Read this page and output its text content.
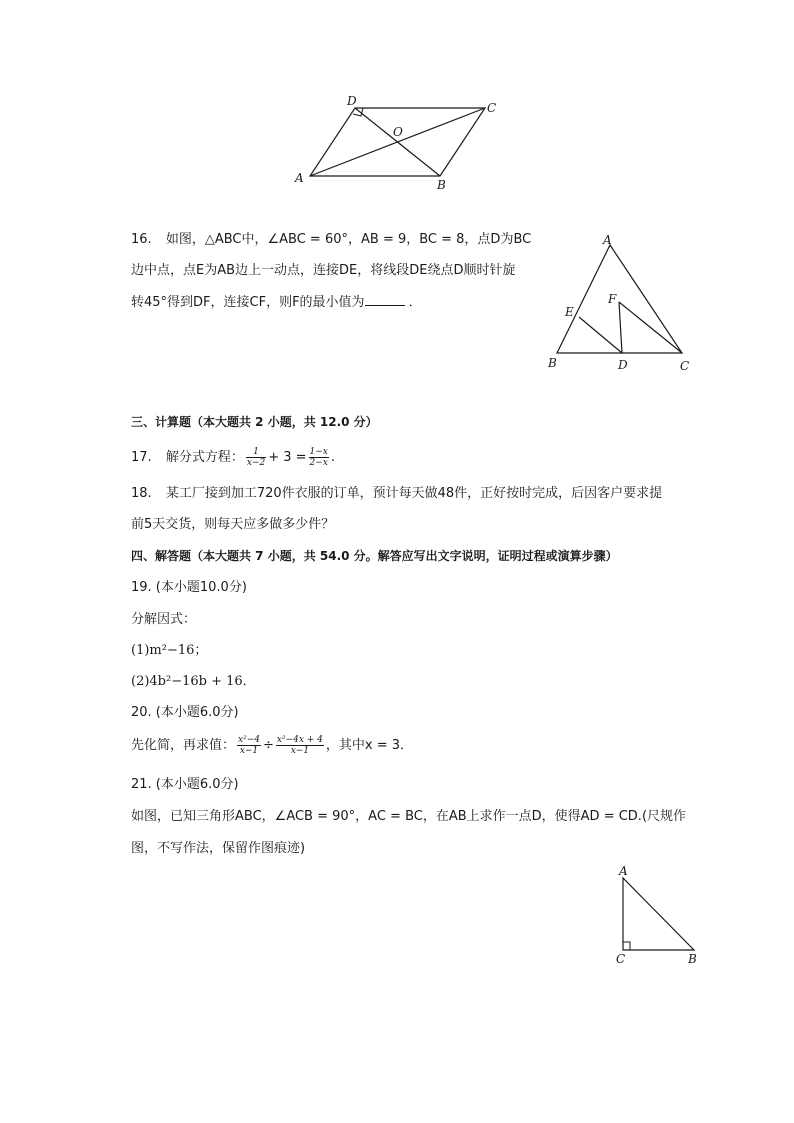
A	B
C
D
O
16. 如图，△ABC中，∠ABC = 60°，AB = 9，BC = 8，点D为BC
边中点，点E为AB边上一动点，连接DE，将线段DE绕点D顺时针旋
转45°得到DF，连接CF，则F的最小值为	．
A
B	C
D
E
F
三、计算题（本大题共 2 小题，共 12.0 分）
17. 解分式方程： $\frac{1}{x-2} + 3 = \frac{1-x}{2-x}$ .
18. 某工厂接到加工720件衣服的订单，预计每天做48件，正好按时完成，后因客户要求提
前5天交货，则每天应多做多少件？
四、解答题（本大题共 7 小题，共 54.0 分。解答应写出文字说明，证明过程或演算步骤）
19. (本小题10.0分)
分解因式：
(1)m²−16；
(2)4b²−16b + 16．
20. (本小题6.0分)
先化简，再求值： $\frac{\text{x²−4}}{x-1} \div \frac{\text{x²−4x + 4}}{x-1}$ ，其中x = 3．
21. (本小题6.0分)
如图，已知三角形ABC，∠ACB = 90°，AC = BC，在AB上求作一点D，使得AD = CD.(尺规作
图，不写作法，保留作图痕迹)
A
C	B
